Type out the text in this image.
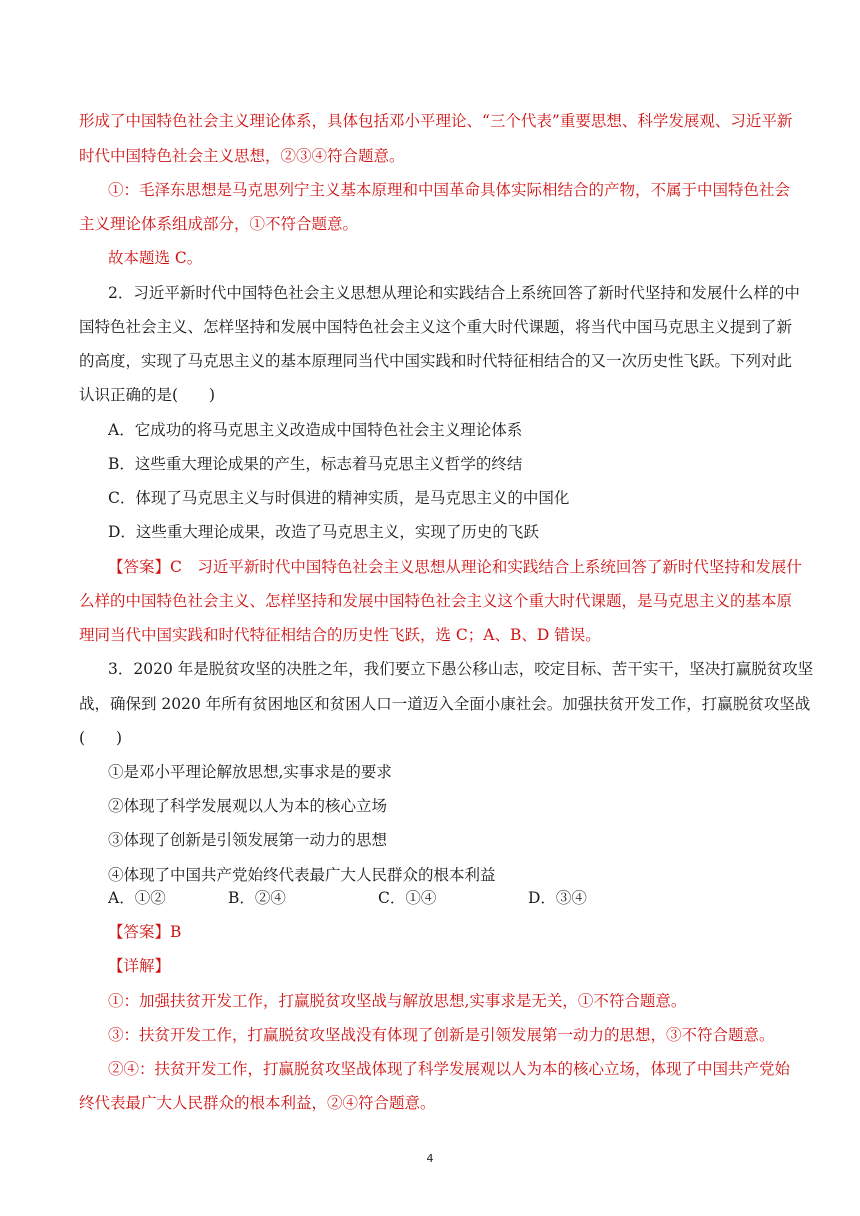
形成了中国特色社会主义理论体系，具体包括邓小平理论、“三个代表”重要思想、科学发展观、习近平新
时代中国特色社会主义思想，②③④符合题意。
①：毛泽东思想是马克思列宁主义基本原理和中国革命具体实际相结合的产物，不属于中国特色社会
主义理论体系组成部分，①不符合题意。
故本题选 C。
2．习近平新时代中国特色社会主义思想从理论和实践结合上系统回答了新时代坚持和发展什么样的中
国特色社会主义、怎样坚持和发展中国特色社会主义这个重大时代课题，将当代中国马克思主义提到了新
的高度，实现了马克思主义的基本原理同当代中国实践和时代特征相结合的又一次历史性飞跃。下列对此
认识正确的是(　　)
A．它成功的将马克思主义改造成中国特色社会主义理论体系
B．这些重大理论成果的产生，标志着马克思主义哲学的终结
C．体现了马克思主义与时俱进的精神实质，是马克思主义的中国化
D．这些重大理论成果，改造了马克思主义，实现了历史的飞跃
【答案】C　习近平新时代中国特色社会主义思想从理论和实践结合上系统回答了新时代坚持和发展什
么样的中国特色社会主义、怎样坚持和发展中国特色社会主义这个重大时代课题，是马克思主义的基本原
理同当代中国实践和时代特征相结合的历史性飞跃，选 C；A、B、D 错误。
3．2020 年是脱贫攻坚的决胜之年，我们要立下愚公移山志，咬定目标、苦干实干，坚决打赢脱贫攻坚
战，确保到 2020 年所有贫困地区和贫困人口一道迈入全面小康社会。加强扶贫开发工作，打赢脱贫攻坚战
(　　)
①是邓小平理论解放思想,实事求是的要求
②体现了科学发展观以人为本的核心立场
③体现了创新是引领发展第一动力的思想
④体现了中国共产党始终代表最广大人民群众的根本利益
A．①②	B．②④	C．①④	D．③④
【答案】B
【详解】
①：加强扶贫开发工作，打赢脱贫攻坚战与解放思想,实事求是无关，①不符合题意。
③：扶贫开发工作，打赢脱贫攻坚战没有体现了创新是引领发展第一动力的思想，③不符合题意。
②④：扶贫开发工作，打赢脱贫攻坚战体现了科学发展观以人为本的核心立场，体现了中国共产党始
终代表最广大人民群众的根本利益，②④符合题意。
4
